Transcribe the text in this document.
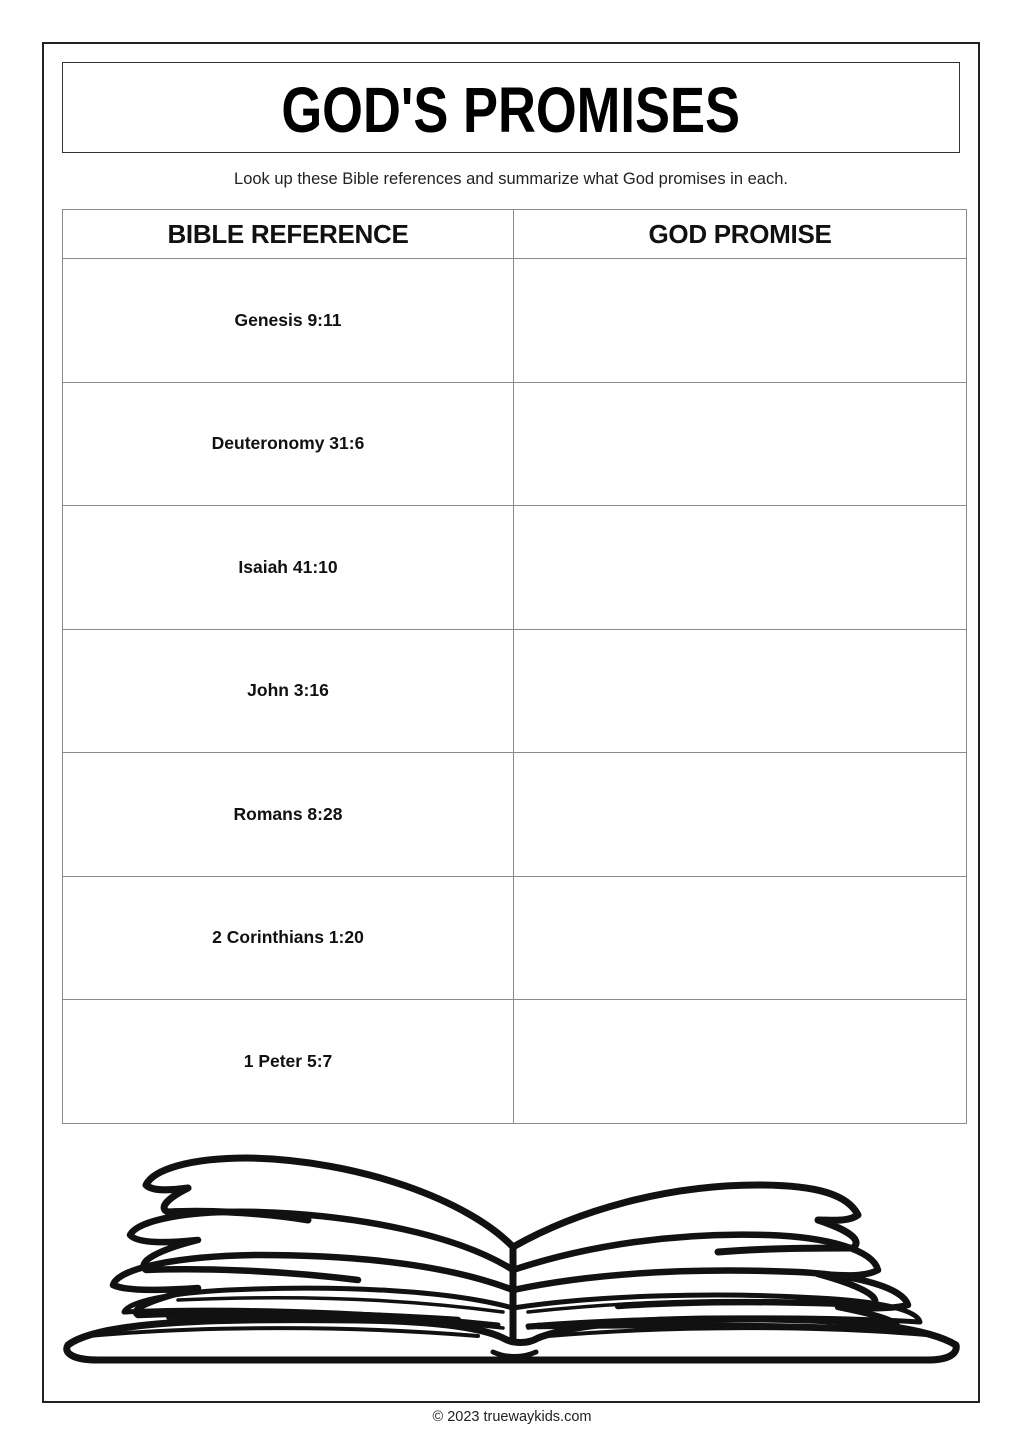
GOD'S PROMISES
Look up these Bible references and summarize what God promises in each.
BIBLE REFERENCE	GOD PROMISE
Genesis 9:11	
Deuteronomy 31:6	
Isaiah 41:10	
John 3:16	
Romans 8:28	
2 Corinthians 1:20	
1 Peter 5:7	
© 2023 truewaykids.com
